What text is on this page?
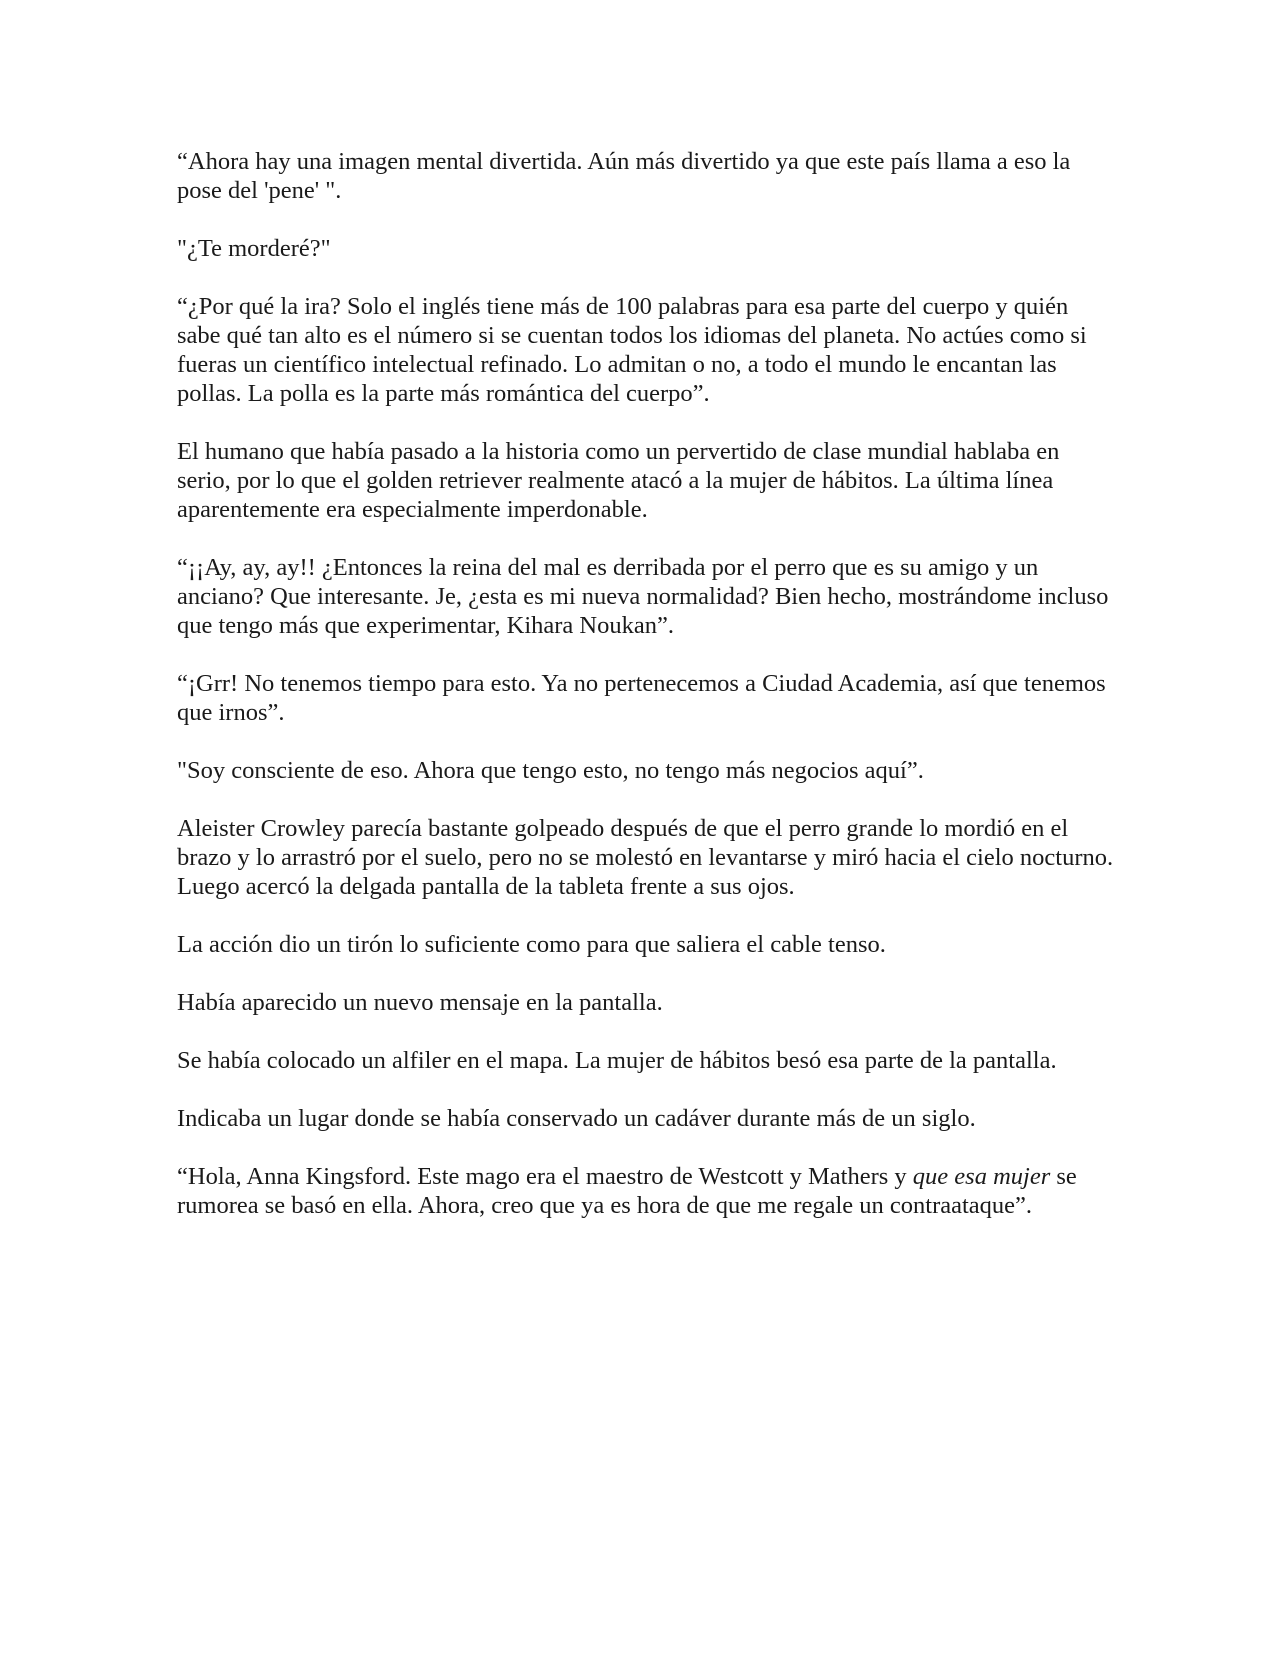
“Ahora hay una imagen mental divertida. Aún más divertido ya que este país llama a eso la pose del 'pene' ".

"¿Te morderé?"

“¿Por qué la ira? Solo el inglés tiene más de 100 palabras para esa parte del cuerpo y quién sabe qué tan alto es el número si se cuentan todos los idiomas del planeta. No actúes como si fueras un científico intelectual refinado. Lo admitan o no, a todo el mundo le encantan las pollas. La polla es la parte más romántica del cuerpo”.

El humano que había pasado a la historia como un pervertido de clase mundial hablaba en serio, por lo que el golden retriever realmente atacó a la mujer de hábitos. La última línea aparentemente era especialmente imperdonable.

“¡¡Ay, ay, ay!! ¿Entonces la reina del mal es derribada por el perro que es su amigo y un anciano? Que interesante. Je, ¿esta es mi nueva normalidad? Bien hecho, mostrándome incluso que tengo más que experimentar, Kihara Noukan”.

“¡Grr! No tenemos tiempo para esto. Ya no pertenecemos a Ciudad Academia, así que tenemos que irnos”.

"Soy consciente de eso. Ahora que tengo esto, no tengo más negocios aquí”.

Aleister Crowley parecía bastante golpeado después de que el perro grande lo mordió en el brazo y lo arrastró por el suelo, pero no se molestó en levantarse y miró hacia el cielo nocturno. Luego acercó la delgada pantalla de la tableta frente a sus ojos.

La acción dio un tirón lo suficiente como para que saliera el cable tenso.

Había aparecido un nuevo mensaje en la pantalla.

Se había colocado un alfiler en el mapa. La mujer de hábitos besó esa parte de la pantalla.

Indicaba un lugar donde se había conservado un cadáver durante más de un siglo.

“Hola, Anna Kingsford. Este mago era el maestro de Westcott y Mathers y que esa mujer se rumorea se basó en ella. Ahora, creo que ya es hora de que me regale un contraataque”.
